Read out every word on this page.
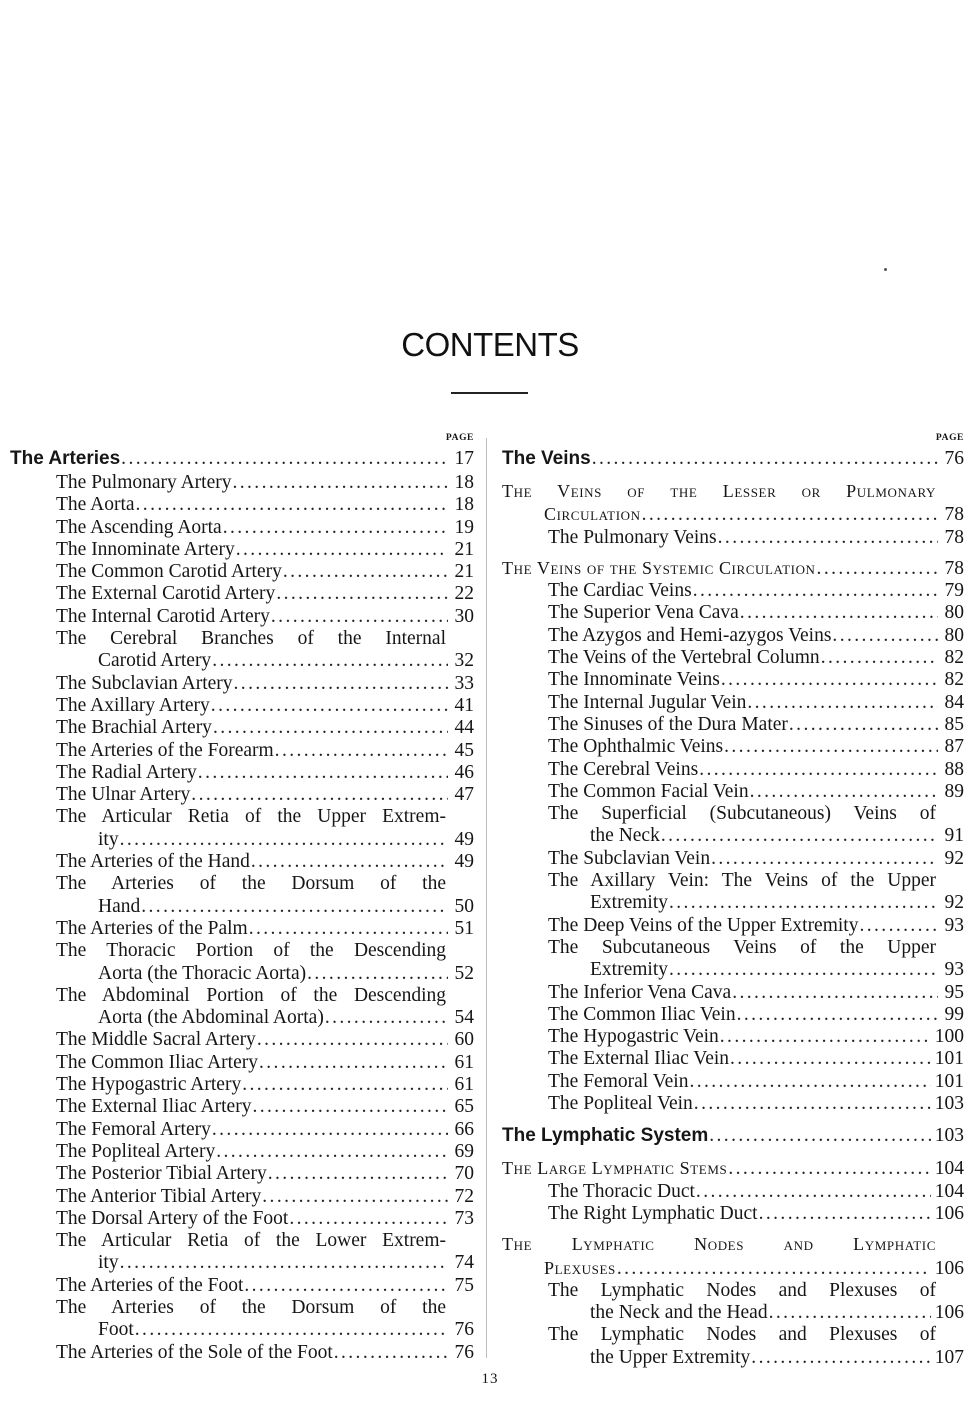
CONTENTS
PAGE
The Arteries .....	17
The Pulmonary Artery .....	18
The Aorta .....	18
The Ascending Aorta .....	19
The Innominate Artery .....	21
The Common Carotid Artery .....	21
The External Carotid Artery .....	22
The Internal Carotid Artery .....	30
The Cerebral Branches of the Internal
Carotid Artery .....	32
The Subclavian Artery .....	33
The Axillary Artery .....	41
The Brachial Artery .....	44
The Arteries of the Forearm .....	45
The Radial Artery .....	46
The Ulnar Artery .....	47
The Articular Retia of the Upper Extrem-
ity .....	49
The Arteries of the Hand .....	49
The Arteries of the Dorsum of the
Hand .....	50
The Arteries of the Palm .....	51
The Thoracic Portion of the Descending
Aorta (the Thoracic Aorta) .....	52
The Abdominal Portion of the Descending
Aorta (the Abdominal Aorta) .....	54
The Middle Sacral Artery .....	60
The Common Iliac Artery .....	61
The Hypogastric Artery .....	61
The External Iliac Artery .....	65
The Femoral Artery .....	66
The Popliteal Artery .....	69
The Posterior Tibial Artery .....	70
The Anterior Tibial Artery .....	72
The Dorsal Artery of the Foot .....	73
The Articular Retia of the Lower Extrem-
ity .....	74
The Arteries of the Foot .....	75
The Arteries of the Dorsum of the
Foot .....	76
The Arteries of the Sole of the Foot .....	76
PAGE
The Veins .....	76
The Veins of the Lesser or Pulmonary
Circulation .....	78
The Pulmonary Veins .....	78
The Veins of the Systemic Circulation .....	78
The Cardiac Veins .....	79
The Superior Vena Cava .....	80
The Azygos and Hemi-azygos Veins .....	80
The Veins of the Vertebral Column .....	82
The Innominate Veins .....	82
The Internal Jugular Vein .....	84
The Sinuses of the Dura Mater .....	85
The Ophthalmic Veins .....	87
The Cerebral Veins .....	88
The Common Facial Vein .....	89
The Superficial (Subcutaneous) Veins of
the Neck .....	91
The Subclavian Vein .....	92
The Axillary Vein: The Veins of the Upper
Extremity .....	92
The Deep Veins of the Upper Extremity .....	93
The Subcutaneous Veins of the Upper
Extremity .....	93
The Inferior Vena Cava .....	95
The Common Iliac Vein .....	99
The Hypogastric Vein .....	100
The External Iliac Vein .....	101
The Femoral Vein .....	101
The Popliteal Vein .....	103
The Lymphatic System .....	103
The Large Lymphatic Stems .....	104
The Thoracic Duct .....	104
The Right Lymphatic Duct .....	106
The Lymphatic Nodes and Lymphatic
Plexuses .....	106
The Lymphatic Nodes and Plexuses of
the Neck and the Head .....	106
The Lymphatic Nodes and Plexuses of
the Upper Extremity .....	107
13
